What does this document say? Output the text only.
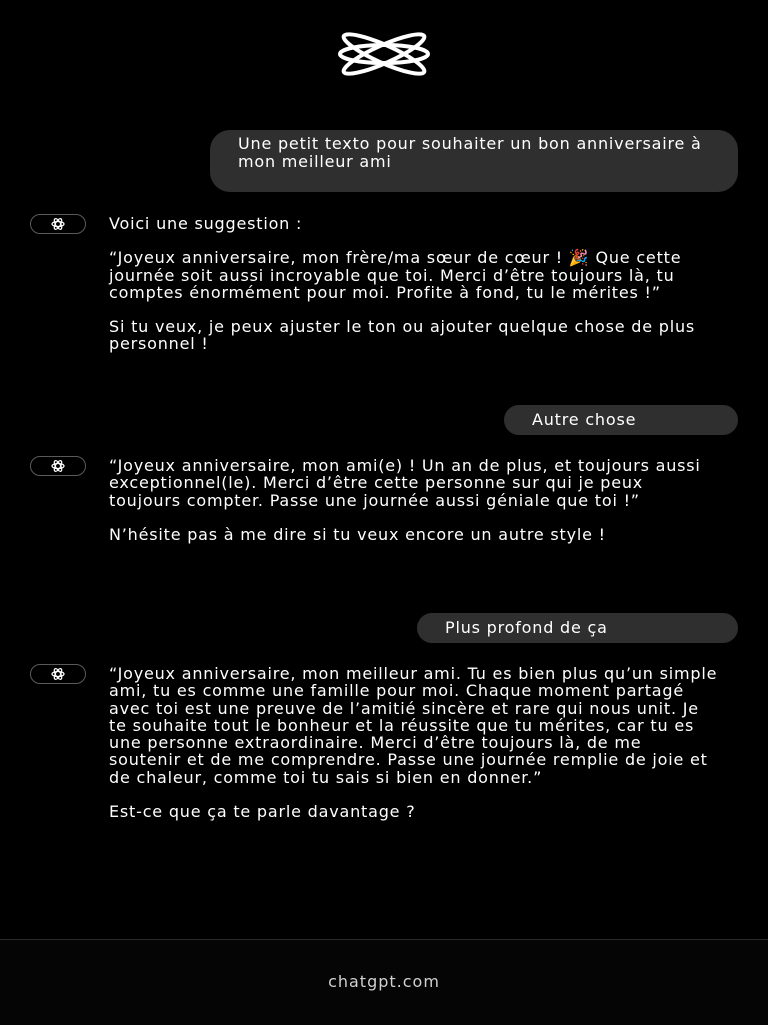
Une petit texto pour souhaiter un bon anniversaire à mon meilleur ami

Voici une suggestion :

“Joyeux anniversaire, mon frère/ma sœur de cœur ! 🎉 Que cette journée soit aussi incroyable que toi. Merci d’être toujours là, tu comptes énormément pour moi. Profite à fond, tu le mérites !”

Si tu veux, je peux ajuster le ton ou ajouter quelque chose de plus personnel !

Autre chose

“Joyeux anniversaire, mon ami(e) ! Un an de plus, et toujours aussi exceptionnel(le). Merci d’être cette personne sur qui je peux toujours compter. Passe une journée aussi géniale que toi !”

N’hésite pas à me dire si tu veux encore un autre style !

Plus profond de ça

“Joyeux anniversaire, mon meilleur ami. Tu es bien plus qu’un simple ami, tu es comme une famille pour moi. Chaque moment partagé avec toi est une preuve de l’amitié sincère et rare qui nous unit. Je te souhaite tout le bonheur et la réussite que tu mérites, car tu es une personne extraordinaire. Merci d’être toujours là, de me soutenir et de me comprendre. Passe une journée remplie de joie et de chaleur, comme toi tu sais si bien en donner.”

Est-ce que ça te parle davantage ?

chatgpt.com
